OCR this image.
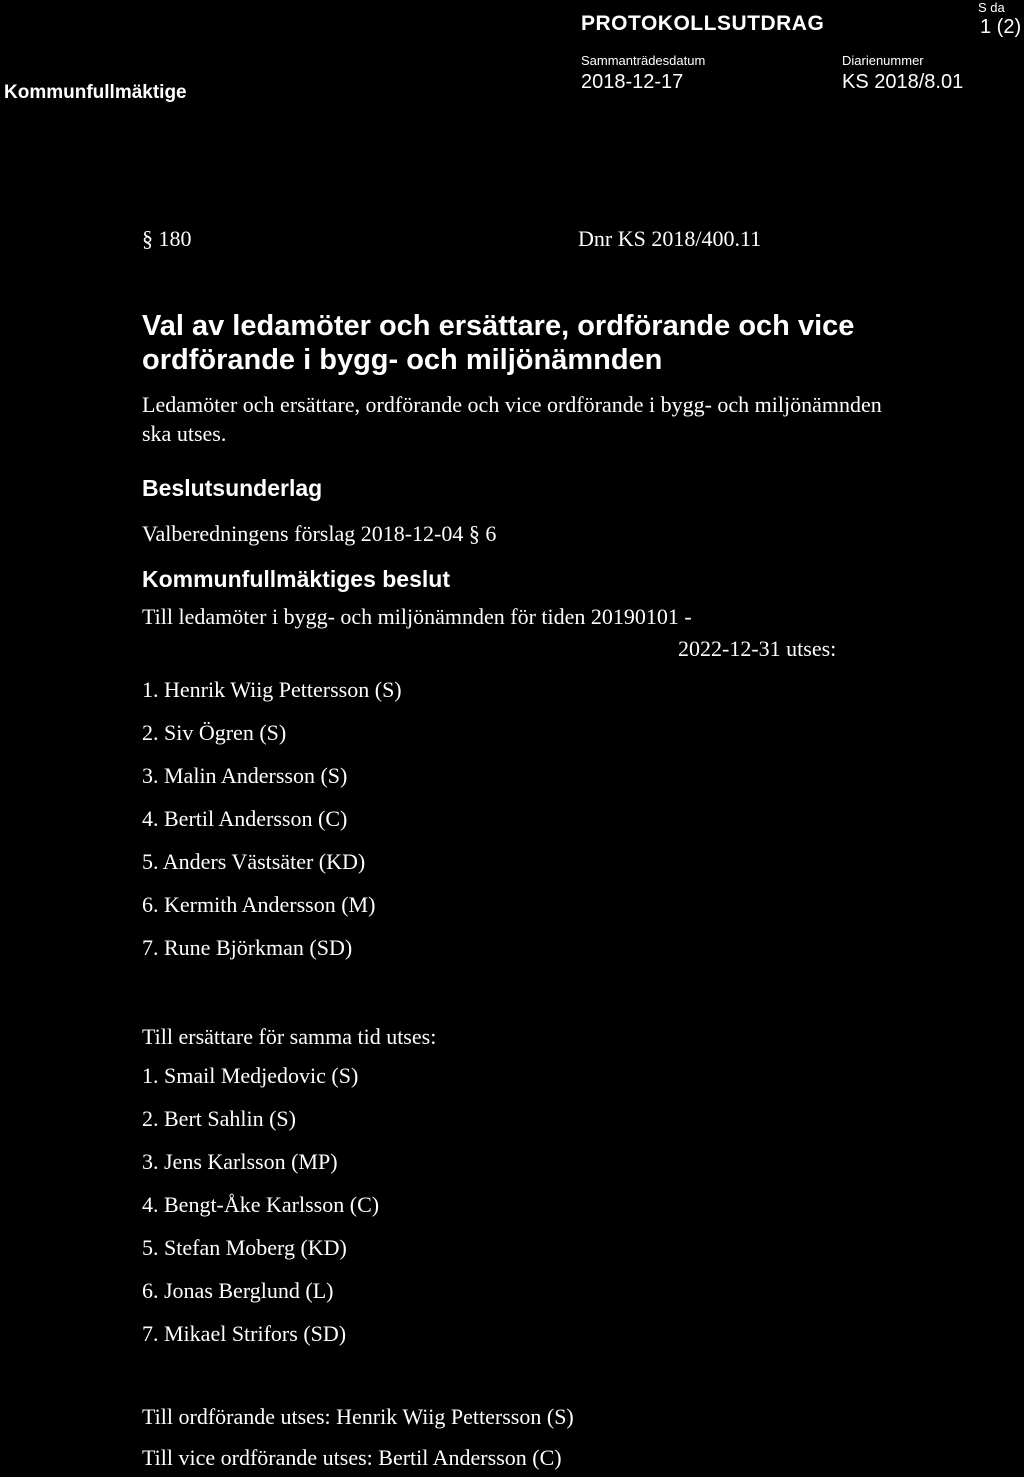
Kommunfullmäktige
PROTOKOLLSUTDRAG
Sammanträdesdatum
2018-12-17
Diarienummer
KS 2018/8.01
S da
1 (2)
§ 180	Dnr KS 2018/400.11
Val av ledamöter och ersättare, ordförande och vice ordförande i bygg- och miljönämnden
Ledamöter och ersättare, ordförande och vice ordförande i bygg- och miljönämnden ska utses.
Beslutsunderlag
Valberedningens förslag 2018-12-04 § 6
Kommunfullmäktiges beslut
Till ledamöter i bygg- och miljönämnden för tiden 20190101 -
2022-12-31 utses:
1. Henrik Wiig Pettersson (S)
2. Siv Ögren (S)
3. Malin Andersson (S)
4. Bertil Andersson (C)
5. Anders Västsäter (KD)
6. Kermith Andersson (M)
7. Rune Björkman (SD)
Till ersättare för samma tid utses:
1. Smail Medjedovic (S)
2. Bert Sahlin (S)
3. Jens Karlsson (MP)
4. Bengt-Åke Karlsson (C)
5. Stefan Moberg (KD)
6. Jonas Berglund (L)
7. Mikael Strifors (SD)
Till ordförande utses: Henrik Wiig Pettersson (S)
Till vice ordförande utses: Bertil Andersson (C)
